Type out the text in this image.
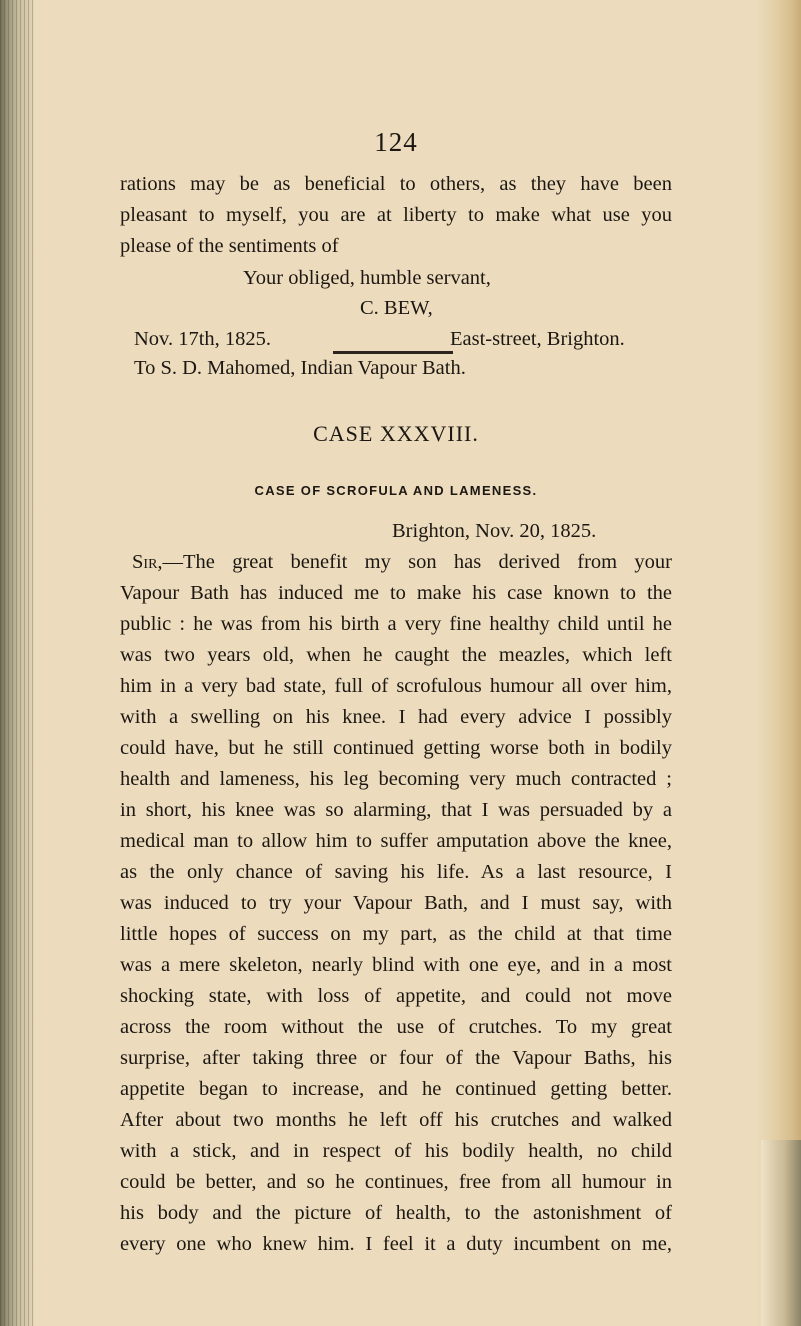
124
rations may be as beneficial to others, as they have been
pleasant to myself, you are at liberty to make what use you
please of the sentiments of
Your obliged, humble servant,
C. BEW,
Nov. 17th, 1825.	East-street, Brighton.
To S. D. Mahomed, Indian Vapour Bath.
CASE XXXVIII.
CASE OF SCROFULA AND LAMENESS.
Brighton, Nov. 20, 1825.
Sir,—The great benefit my son has derived from your
Vapour Bath has induced me to make his case known to the
public : he was from his birth a very fine healthy child until he
was two years old, when he caught the meazles, which left
him in a very bad state, full of scrofulous humour all over him,
with a swelling on his knee. I had every advice I possibly
could have, but he still continued getting worse both in bodily
health and lameness, his leg becoming very much contracted ;
in short, his knee was so alarming, that I was persuaded by a
medical man to allow him to suffer amputation above the knee,
as the only chance of saving his life. As a last resource, I
was induced to try your Vapour Bath, and I must say, with
little hopes of success on my part, as the child at that time
was a mere skeleton, nearly blind with one eye, and in a most
shocking state, with loss of appetite, and could not move
across the room without the use of crutches. To my great
surprise, after taking three or four of the Vapour Baths, his
appetite began to increase, and he continued getting better.
After about two months he left off his crutches and walked
with a stick, and in respect of his bodily health, no child
could be better, and so he continues, free from all humour in
his body and the picture of health, to the astonishment of
every one who knew him. I feel it a duty incumbent on me,
